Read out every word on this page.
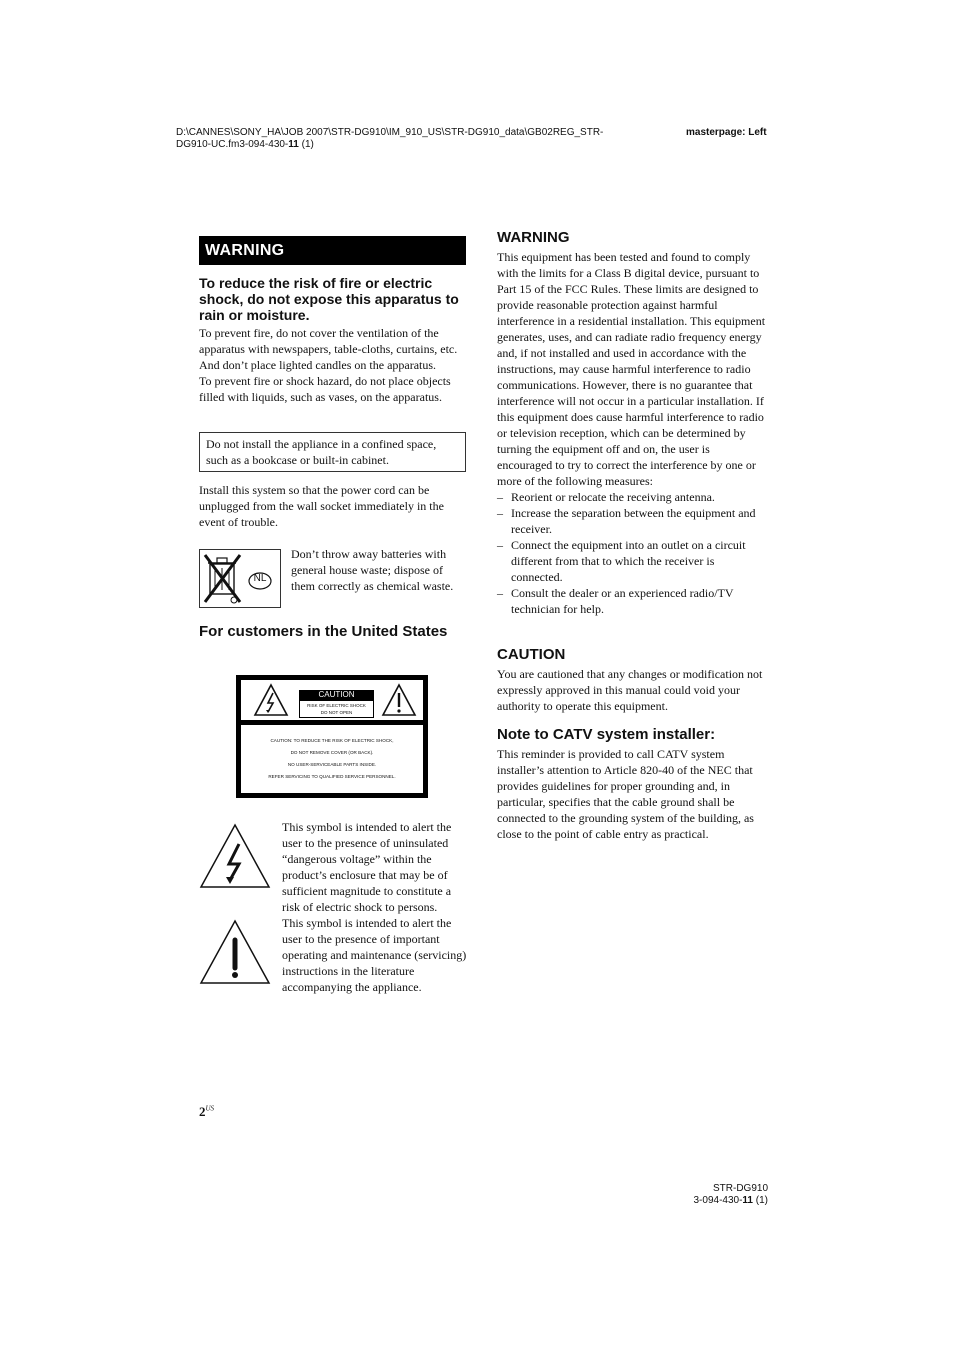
D:\CANNES\SONY_HA\JOB 2007\STR-DG910\IM_910_US\STR-DG910_data\GB02REG_STR-
DG910-UC.fm3-094-430-11 (1)
masterpage: Left
WARNING
To reduce the risk of fire or electric shock, do not expose this apparatus to rain or moisture.

To prevent fire, do not cover the ventilation of the apparatus with newspapers, table-cloths, curtains, etc. And don’t place lighted candles on the apparatus.

To prevent fire or shock hazard, do not place objects filled with liquids, such as vases, on the apparatus.

Do not install the appliance in a confined space, such as a bookcase or built-in cabinet.
Install this system so that the power cord can be unplugged from the wall socket immediately in the event of trouble.
NL
Don’t throw away batteries with general house waste; dispose of them correctly as chemical waste.
For customers in the United States
CAUTION
RISK OF ELECTRIC SHOCK
DO NOT OPEN
CAUTION: TO REDUCE THE RISK OF ELECTRIC SHOCK,
DO NOT REMOVE COVER (OR BACK).
NO USER-SERVICEABLE PARTS INSIDE.
REFER SERVICING TO QUALIFIED SERVICE PERSONNEL.
This symbol is intended to alert the user to the presence of uninsulated “dangerous voltage” within the product’s enclosure that may be of sufficient magnitude to constitute a risk of electric shock to persons.
This symbol is intended to alert the user to the presence of important operating and maintenance (servicing) instructions in the literature accompanying the appliance.
$2^{US}$
WARNING

This equipment has been tested and found to comply with the limits for a Class B digital device, pursuant to Part 15 of the FCC Rules. These limits are designed to provide reasonable protection against harmful interference in a residential installation. This equipment generates, uses, and can radiate radio frequency energy and, if not installed and used in accordance with the instructions, may cause harmful interference to radio communications. However, there is no guarantee that interference will not occur in a particular installation. If this equipment does cause harmful interference to radio or television reception, which can be determined by turning the equipment off and on, the user is encouraged to try to correct the interference by one or more of the following measures:

– Reorient or relocate the receiving antenna.
– Increase the separation between the equipment and receiver.
– Connect the equipment into an outlet on a circuit different from that to which the receiver is connected.
– Consult the dealer or an experienced radio/TV technician for help.
CAUTION
You are cautioned that any changes or modification not expressly approved in this manual could void your authority to operate this equipment.
Note to CATV system installer:
This reminder is provided to call CATV system installer’s attention to Article 820-40 of the NEC that provides guidelines for proper grounding and, in particular, specifies that the cable ground shall be connected to the grounding system of the building, as close to the point of cable entry as practical.
STR-DG910
3-094-430-11 (1)
